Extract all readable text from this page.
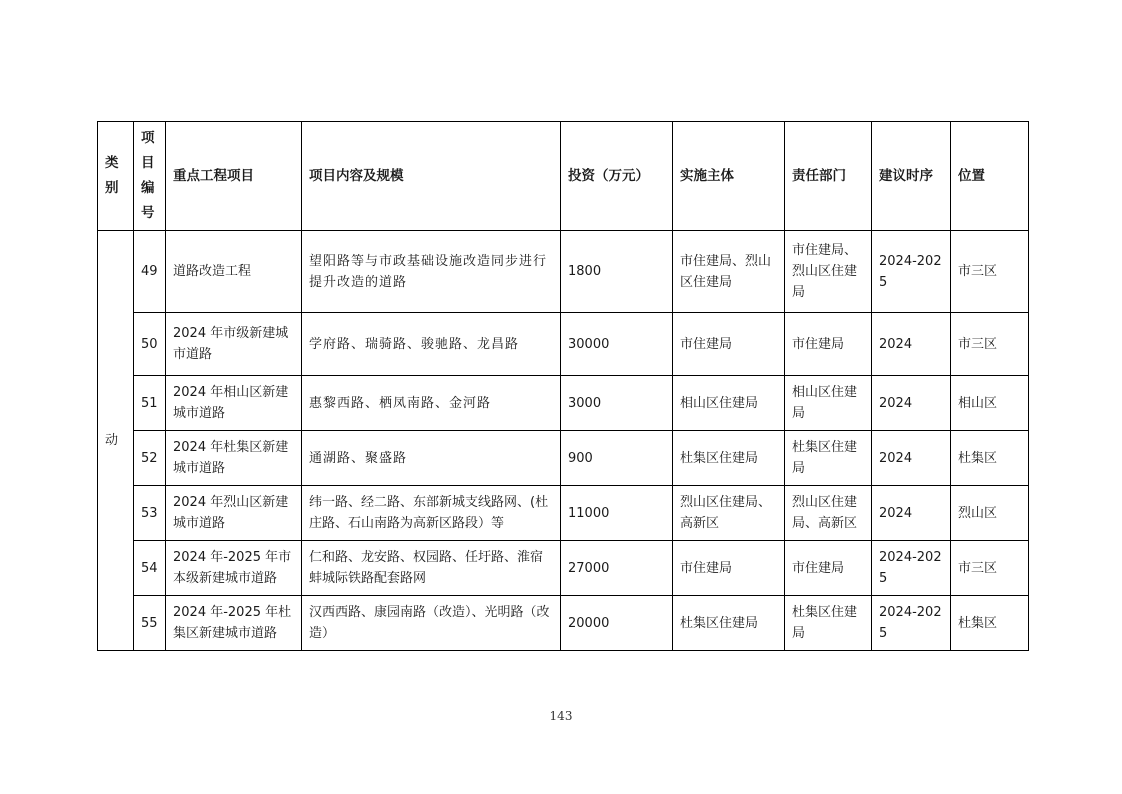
类别	项目编号	重点工程项目	项目内容及规模	投资（万元）	实施主体	责任部门	建议时序	位置
动	49	道路改造工程	望阳路等与市政基础设施改造同步进行提升改造的道路	1800	市住建局、烈山区住建局	市住建局、烈山区住建局	2024-2025	市三区
	50	2024 年市级新建城市道路	学府路、瑞骑路、骏驰路、龙昌路	30000	市住建局	市住建局	2024	市三区
	51	2024 年相山区新建城市道路	惠黎西路、栖凤南路、金河路	3000	相山区住建局	相山区住建局	2024	相山区
	52	2024 年杜集区新建城市道路	通湖路、聚盛路	900	杜集区住建局	杜集区住建局	2024	杜集区
	53	2024 年烈山区新建城市道路	纬一路、经二路、东部新城支线路网、(杜庄路、石山南路为高新区路段）等	11000	烈山区住建局、高新区	烈山区住建局、高新区	2024	烈山区
	54	2024 年-2025 年市本级新建城市道路	仁和路、龙安路、权园路、任圩路、淮宿蚌城际铁路配套路网	27000	市住建局	市住建局	2024-2025	市三区
	55	2024 年-2025 年杜集区新建城市道路	汉西西路、康园南路（改造）、光明路（改造）	20000	杜集区住建局	杜集区住建局	2024-2025	杜集区
143
